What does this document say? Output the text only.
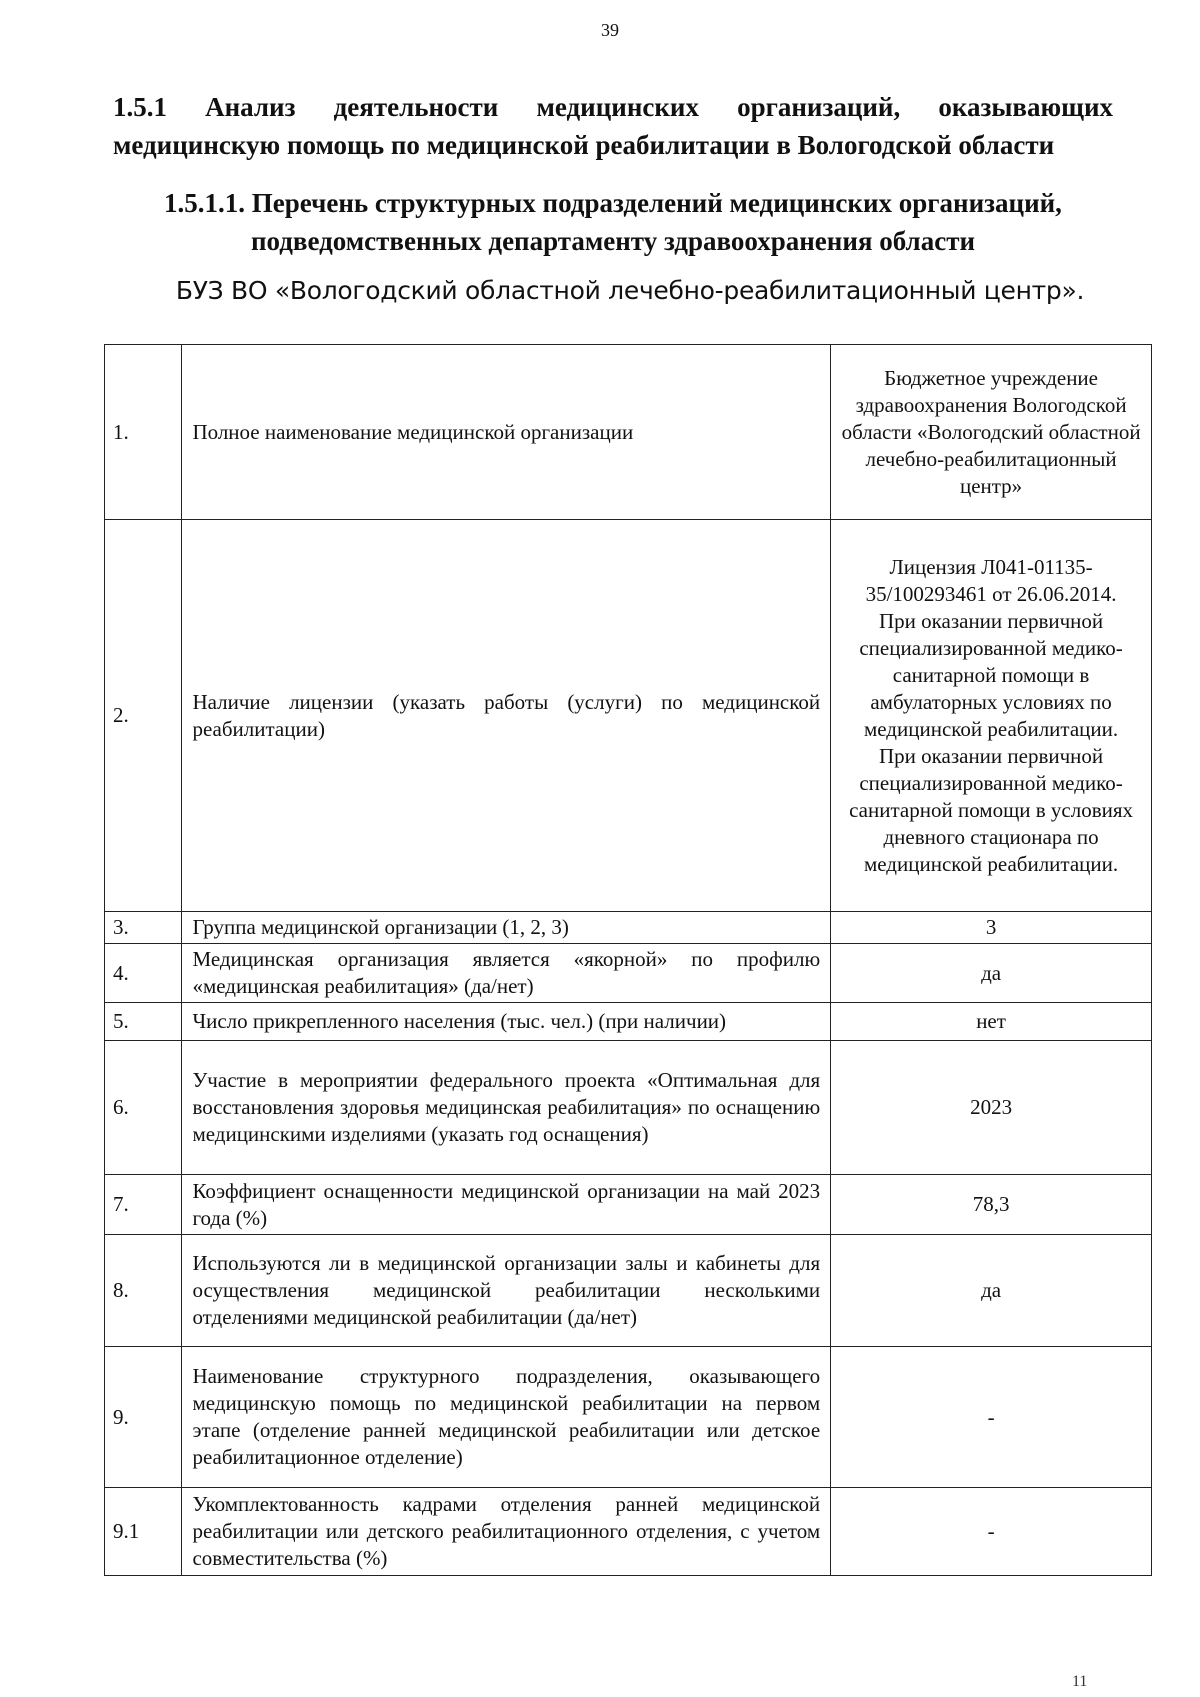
39
1.5.1 Анализ деятельности медицинских организаций, оказывающих медицинскую помощь по медицинской реабилитации в Вологодской области
1.5.1.1. Перечень структурных подразделений медицинских организаций, подведомственных департаменту здравоохранения области

БУЗ ВО «Вологодский областной лечебно-реабилитационный центр».

1.	Полное наименование медицинской организации	Бюджетное учреждение здравоохранения Вологодской области «Вологодский областной лечебно-реабилитационный центр»
2.	Наличие лицензии (указать работы (услуги) по медицинской реабилитации)	Лицензия Л041-01135-35/100293461 от 26.06.2014.
При оказании первичной специализированной медико-санитарной помощи в амбулаторных условиях по медицинской реабилитации.
При оказании первичной специализированной медико-санитарной помощи в условиях дневного стационара по медицинской реабилитации.
3.	Группа медицинской организации (1, 2, 3)	3
4.	Медицинская организация является «якорной» по профилю «медицинская реабилитация» (да/нет)	да
5.	Число прикрепленного населения (тыс. чел.) (при наличии)	нет
6.	Участие в мероприятии федерального проекта «Оптимальная для восстановления здоровья медицинская реабилитация» по оснащению медицинскими изделиями (указать год оснащения)	2023
7.	Коэффициент оснащенности медицинской организации на май 2023 года (%)	78,3
8.	Используются ли в медицинской организации залы и кабинеты для осуществления медицинской реабилитации несколькими отделениями медицинской реабилитации (да/нет)	да
9.	Наименование структурного подразделения, оказывающего медицинскую помощь по медицинской реабилитации на первом этапе (отделение ранней медицинской реабилитации или детское реабилитационное отделение)	-
9.1	Укомплектованность кадрами отделения ранней медицинской реабилитации или детского реабилитационного отделения, с учетом совместительства (%)	-
11
